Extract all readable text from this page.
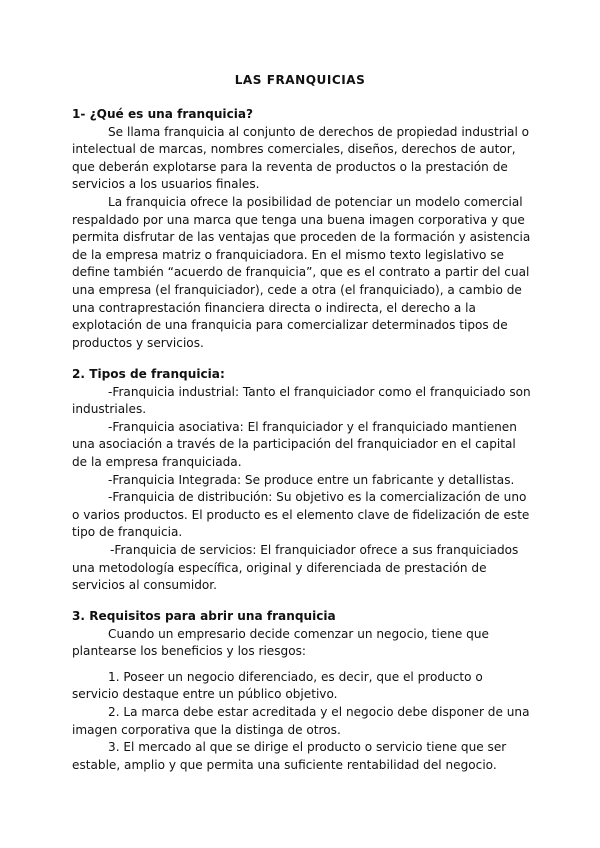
LAS FRANQUICIAS
1- ¿Qué es una franquicia?

Se llama franquicia al conjunto de derechos de propiedad industrial o intelectual de marcas, nombres comerciales, diseños, derechos de autor, que deberán explotarse para la reventa de productos o la prestación de servicios a los usuarios finales.

La franquicia ofrece la posibilidad de potenciar un modelo comercial respaldado por una marca que tenga una buena imagen corporativa y que permita disfrutar de las ventajas que proceden de la formación y asistencia de la empresa matriz o franquiciadora. En el mismo texto legislativo se define también “acuerdo de franquicia”, que es el contrato a partir del cual una empresa (el franquiciador), cede a otra (el franquiciado), a cambio de una contraprestación financiera directa o indirecta, el derecho a la explotación de una franquicia para comercializar determinados tipos de productos y servicios.

2. Tipos de franquicia:

-Franquicia industrial: Tanto el franquiciador como el franquiciado son industriales.

-Franquicia asociativa: El franquiciador y el franquiciado mantienen una asociación a través de la participación del franquiciador en el capital de la empresa franquiciada.

-Franquicia Integrada: Se produce entre un fabricante y detallistas.

-Franquicia de distribución: Su objetivo es la comercialización de uno o varios productos. El producto es el elemento clave de fidelización de este tipo de franquicia.

-Franquicia de servicios: El franquiciador ofrece a sus franquiciados una metodología específica, original y diferenciada de prestación de servicios al consumidor.

3. Requisitos para abrir una franquicia

Cuando un empresario decide comenzar un negocio, tiene que plantearse los beneficios y los riesgos:

1. Poseer un negocio diferenciado, es decir, que el producto o servicio destaque entre un público objetivo.

2. La marca debe estar acreditada y el negocio debe disponer de una imagen corporativa que la distinga de otros.

3. El mercado al que se dirige el producto o servicio tiene que ser estable, amplio y que permita una suficiente rentabilidad del negocio.
